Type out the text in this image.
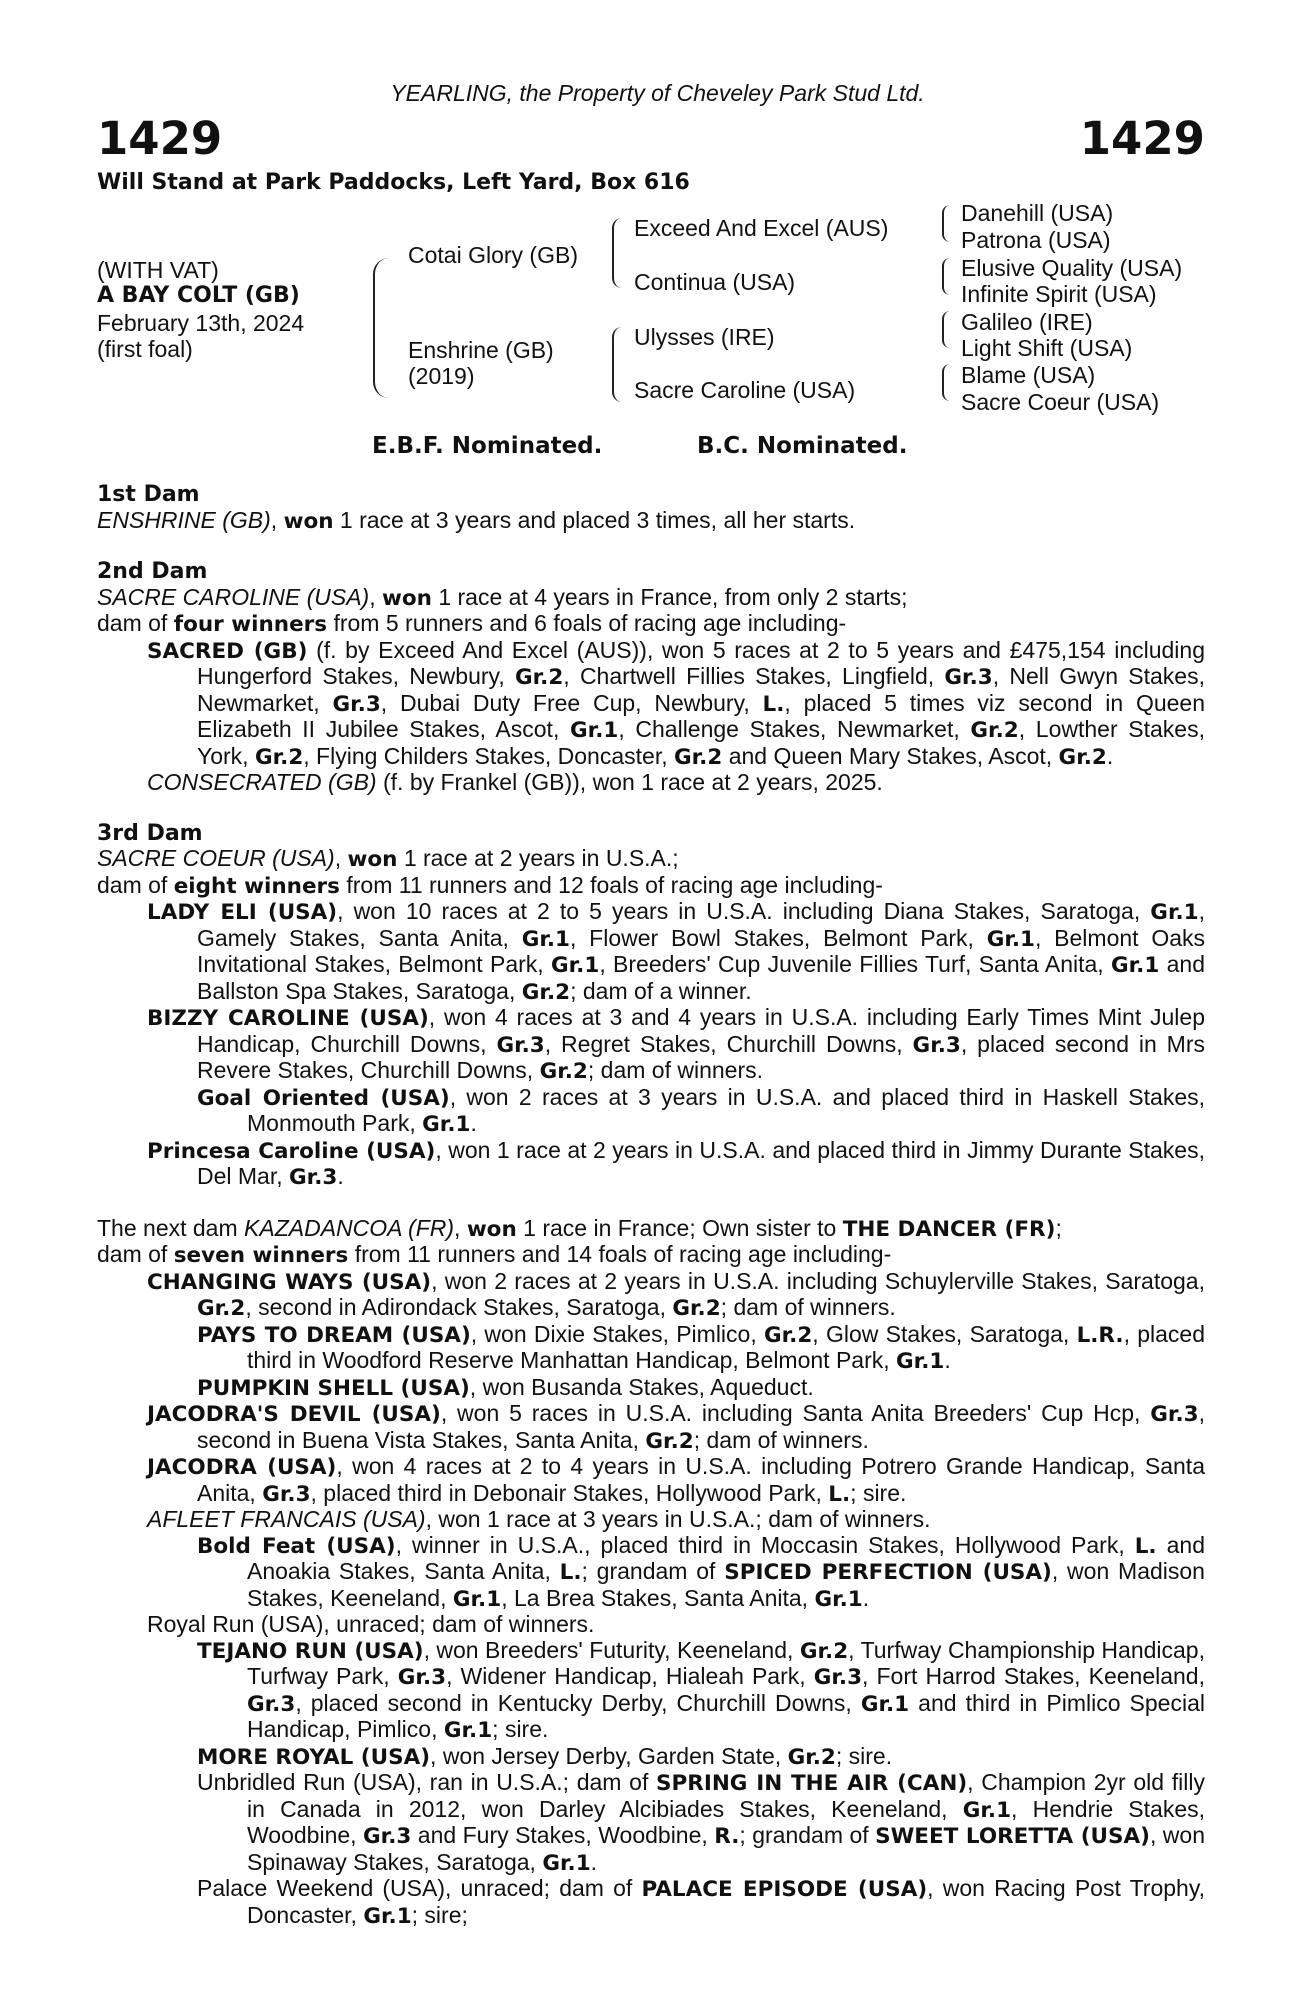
YEARLING, the Property of Cheveley Park Stud Ltd.
1429	1429
Will Stand at Park Paddocks, Left Yard, Box 616
(WITH VAT)
A BAY COLT (GB)
February 13th, 2024
(first foal)
Cotai Glory (GB)
Enshrine (GB)
(2019)
Exceed And Excel (AUS)
Continua (USA)
Ulysses (IRE)
Sacre Caroline (USA)
Danehill (USA)
Patrona (USA)
Elusive Quality (USA)
Infinite Spirit (USA)
Galileo (IRE)
Light Shift (USA)
Blame (USA)
Sacre Coeur (USA)
E.B.F. Nominated.	B.C. Nominated.

1st Dam

ENSHRINE (GB), won 1 race at 3 years and placed 3 times, all her starts.

2nd Dam

SACRE CAROLINE (USA), won 1 race at 4 years in France, from only 2 starts;

dam of four winners from 5 runners and 6 foals of racing age including-

SACRED (GB) (f. by Exceed And Excel (AUS)), won 5 races at 2 to 5 years and £475,154 including Hungerford Stakes, Newbury, Gr.2, Chartwell Fillies Stakes, Lingfield, Gr.3, Nell Gwyn Stakes, Newmarket, Gr.3, Dubai Duty Free Cup, Newbury, L., placed 5 times viz second in Queen Elizabeth II Jubilee Stakes, Ascot, Gr.1, Challenge Stakes, Newmarket, Gr.2, Lowther Stakes, York, Gr.2, Flying Childers Stakes, Doncaster, Gr.2 and Queen Mary Stakes, Ascot, Gr.2.

CONSECRATED (GB) (f. by Frankel (GB)), won 1 race at 2 years, 2025.

3rd Dam

SACRE COEUR (USA), won 1 race at 2 years in U.S.A.;

dam of eight winners from 11 runners and 12 foals of racing age including-

LADY ELI (USA), won 10 races at 2 to 5 years in U.S.A. including Diana Stakes, Saratoga, Gr.1, Gamely Stakes, Santa Anita, Gr.1, Flower Bowl Stakes, Belmont Park, Gr.1, Belmont Oaks Invitational Stakes, Belmont Park, Gr.1, Breeders' Cup Juvenile Fillies Turf, Santa Anita, Gr.1 and Ballston Spa Stakes, Saratoga, Gr.2; dam of a winner.

BIZZY CAROLINE (USA), won 4 races at 3 and 4 years in U.S.A. including Early Times Mint Julep Handicap, Churchill Downs, Gr.3, Regret Stakes, Churchill Downs, Gr.3, placed second in Mrs Revere Stakes, Churchill Downs, Gr.2; dam of winners.

Goal Oriented (USA), won 2 races at 3 years in U.S.A. and placed third in Haskell Stakes, Monmouth Park, Gr.1.

Princesa Caroline (USA), won 1 race at 2 years in U.S.A. and placed third in Jimmy Durante Stakes, Del Mar, Gr.3.

The next dam KAZADANCOA (FR), won 1 race in France; Own sister to THE DANCER (FR);

dam of seven winners from 11 runners and 14 foals of racing age including-

CHANGING WAYS (USA), won 2 races at 2 years in U.S.A. including Schuylerville Stakes, Saratoga, Gr.2, second in Adirondack Stakes, Saratoga, Gr.2; dam of winners.

PAYS TO DREAM (USA), won Dixie Stakes, Pimlico, Gr.2, Glow Stakes, Saratoga, L.R., placed third in Woodford Reserve Manhattan Handicap, Belmont Park, Gr.1.

PUMPKIN SHELL (USA), won Busanda Stakes, Aqueduct.

JACODRA'S DEVIL (USA), won 5 races in U.S.A. including Santa Anita Breeders' Cup Hcp, Gr.3, second in Buena Vista Stakes, Santa Anita, Gr.2; dam of winners.

JACODRA (USA), won 4 races at 2 to 4 years in U.S.A. including Potrero Grande Handicap, Santa Anita, Gr.3, placed third in Debonair Stakes, Hollywood Park, L.; sire.

AFLEET FRANCAIS (USA), won 1 race at 3 years in U.S.A.; dam of winners.

Bold Feat (USA), winner in U.S.A., placed third in Moccasin Stakes, Hollywood Park, L. and Anoakia Stakes, Santa Anita, L.; grandam of SPICED PERFECTION (USA), won Madison Stakes, Keeneland, Gr.1, La Brea Stakes, Santa Anita, Gr.1.

Royal Run (USA), unraced; dam of winners.

TEJANO RUN (USA), won Breeders' Futurity, Keeneland, Gr.2, Turfway Championship Handicap, Turfway Park, Gr.3, Widener Handicap, Hialeah Park, Gr.3, Fort Harrod Stakes, Keeneland, Gr.3, placed second in Kentucky Derby, Churchill Downs, Gr.1 and third in Pimlico Special Handicap, Pimlico, Gr.1; sire.

MORE ROYAL (USA), won Jersey Derby, Garden State, Gr.2; sire.

Unbridled Run (USA), ran in U.S.A.; dam of SPRING IN THE AIR (CAN), Champion 2yr old filly in Canada in 2012, won Darley Alcibiades Stakes, Keeneland, Gr.1, Hendrie Stakes, Woodbine, Gr.3 and Fury Stakes, Woodbine, R.; grandam of SWEET LORETTA (USA), won Spinaway Stakes, Saratoga, Gr.1.

Palace Weekend (USA), unraced; dam of PALACE EPISODE (USA), won Racing Post Trophy, Doncaster, Gr.1; sire;
